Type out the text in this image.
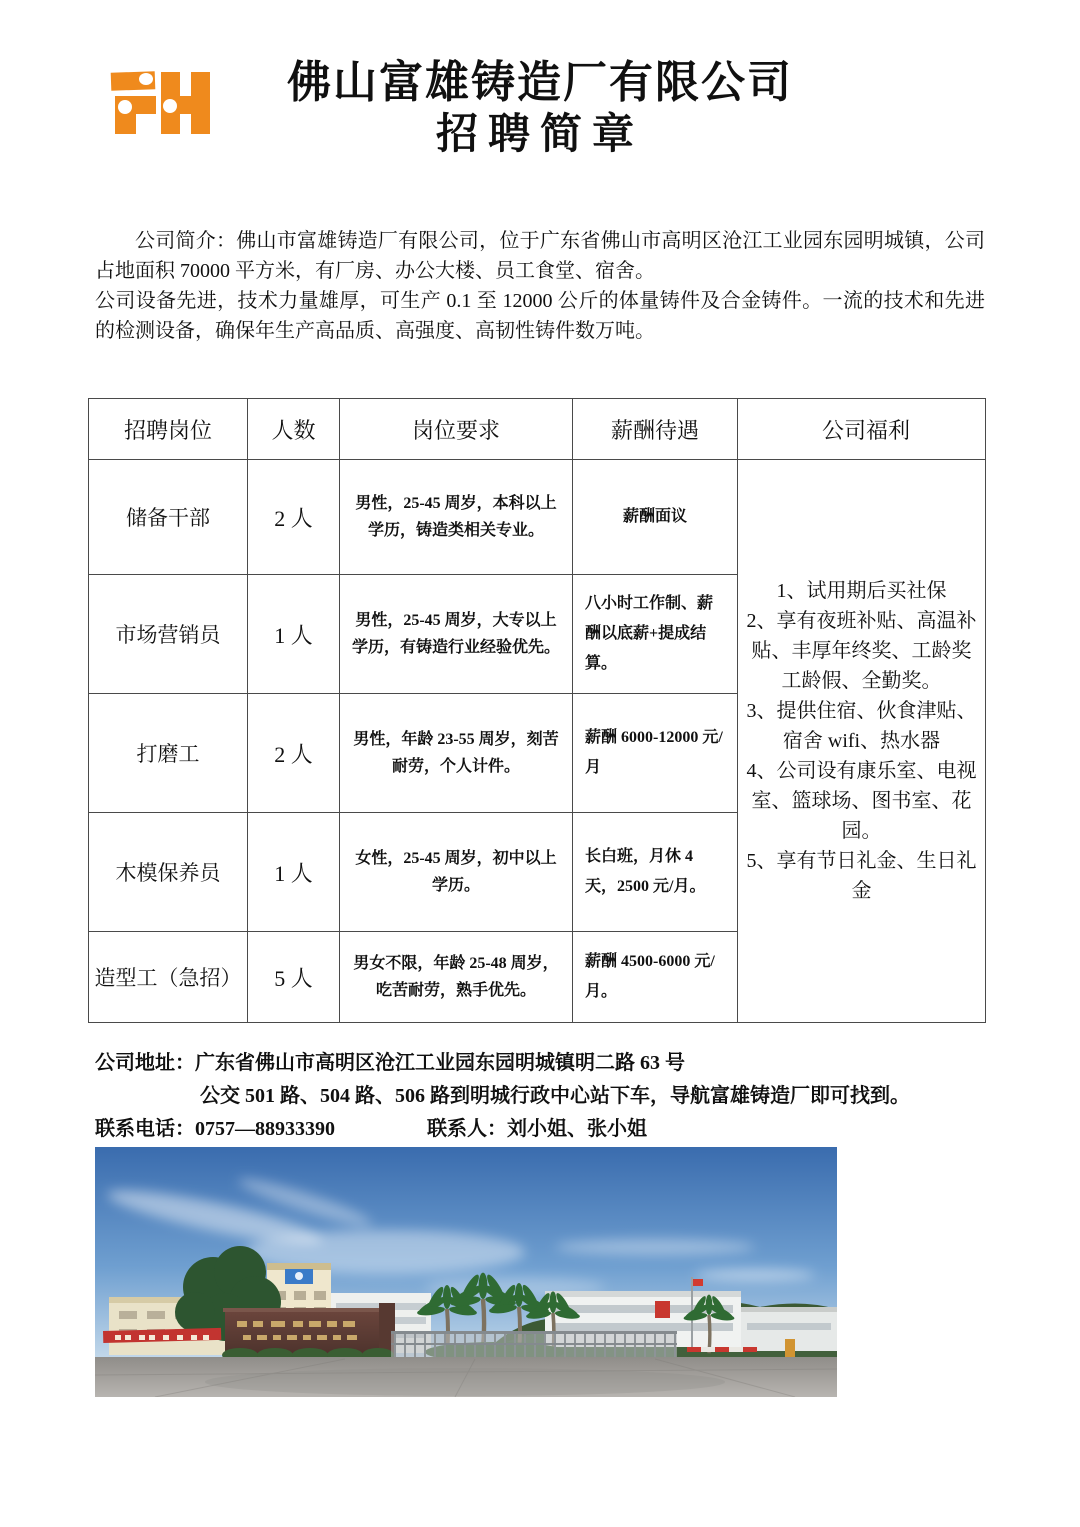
佛山富雄铸造厂有限公司
招聘简章

公司简介：佛山市富雄铸造厂有限公司，位于广东省佛山市高明区沧江工业园东园明城镇，公司占地面积 70000 平方米，有厂房、办公大楼、员工食堂、宿舍。

公司设备先进，技术力量雄厚，可生产 0.1 至 12000 公斤的体量铸件及合金铸件。一流的技术和先进的检测设备，确保年生产高品质、高强度、高韧性铸件数万吨。

招聘岗位	人数	岗位要求	薪酬待遇	公司福利
储备干部	2 人	男性，25-45 周岁，本科以上学历，铸造类相关专业。	薪酬面议	1、试用期后买社保
2、享有夜班补贴、高温补贴、丰厚年终奖、工龄奖工龄假、全勤奖。
3、提供住宿、伙食津贴、宿舍 wifi、热水器
4、公司设有康乐室、电视室、篮球场、图书室、花园。
5、享有节日礼金、生日礼金

市场营销员	1 人	男性，25-45 周岁，大专以上学历，有铸造行业经验优先。	八小时工作制、薪酬以底薪+提成结算。	
打磨工	2 人	男性，年龄 23-55 周岁，刻苦耐劳，个人计件。	薪酬 6000-12000 元/月	
木模保养员	1 人	女性，25-45 周岁，初中以上学历。	长白班，月休 4 天，2500 元/月。	
造型工（急招）	5 人	男女不限，年龄 25-48 周岁，吃苦耐劳，熟手优先。	薪酬 4500-6000 元/月。	
公司地址：广东省佛山市高明区沧江工业园东园明城镇明二路 63 号
公交 501 路、504 路、506 路到明城行政中心站下车，导航富雄铸造厂即可找到。
联系电话：0757—88933390	联系人：刘小姐、张小姐
